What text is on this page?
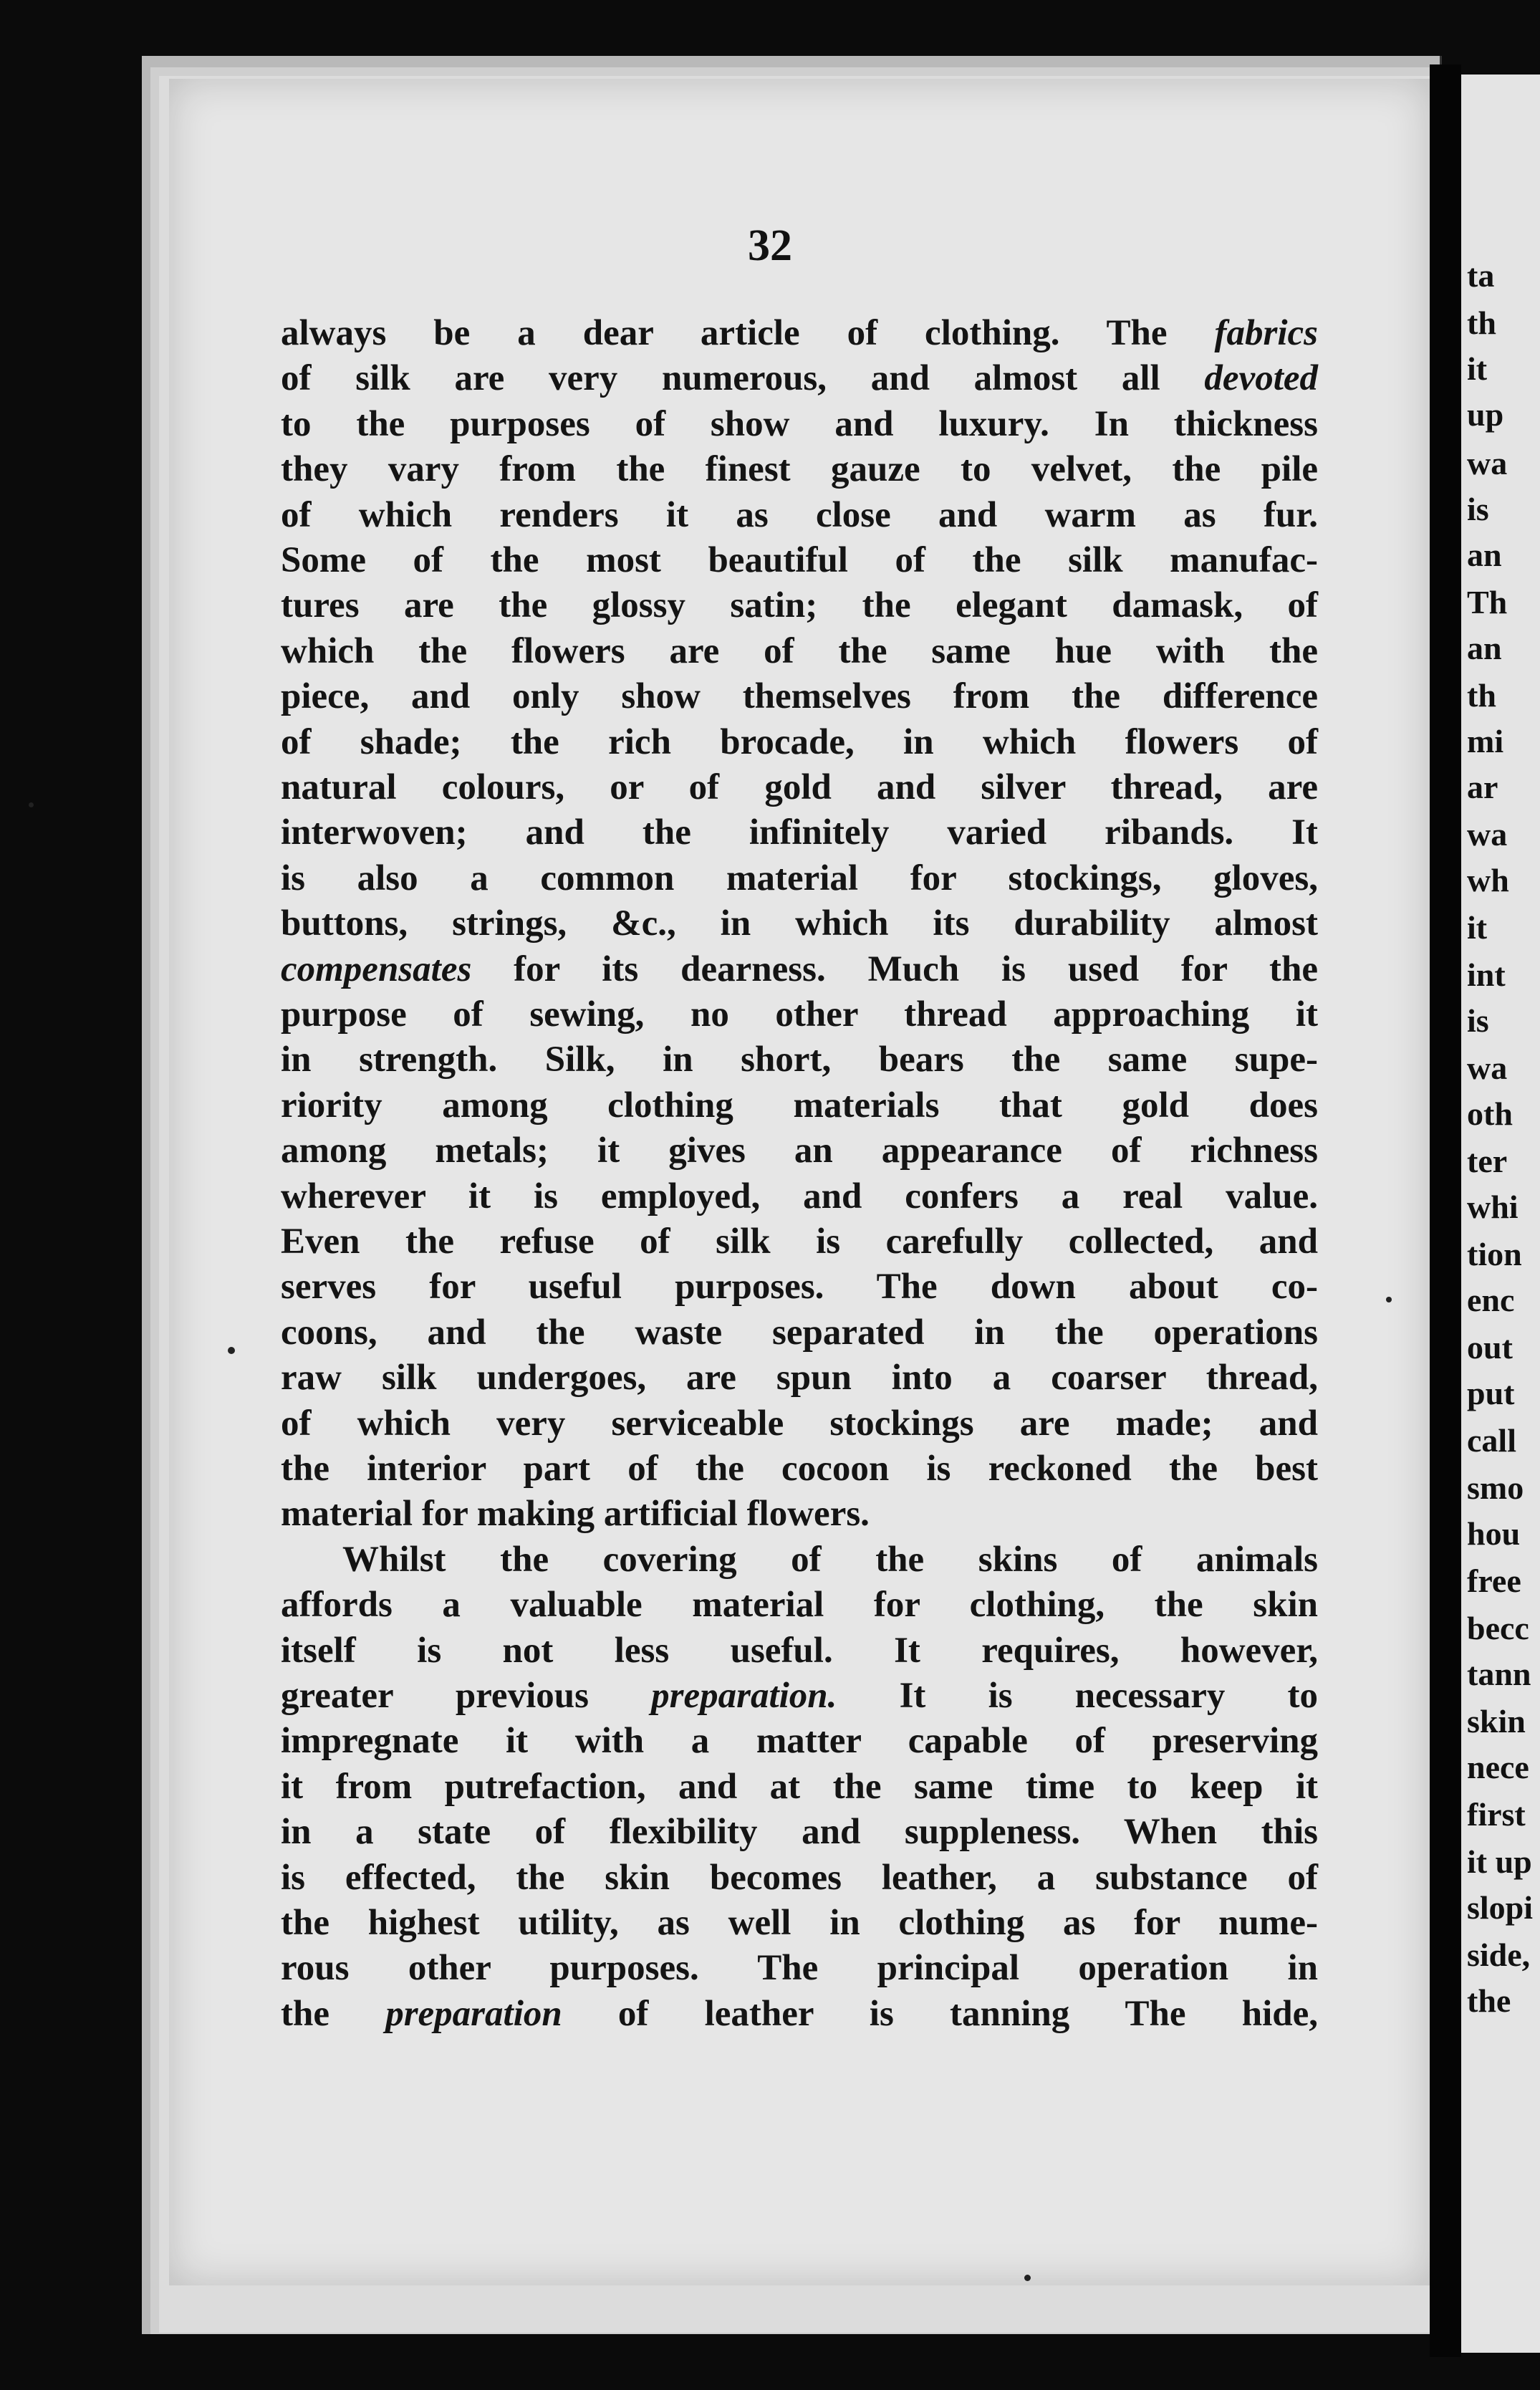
ta

th

it

up

wa

is

an

Th

an

th

mi

ar

wa

wh

it

int

is

wa

oth

ter

whi

tion

enc

out

put

call

smo

hou

free

becc

tann

skin

nece

first

it up

slopi

side,

the

32

always be a dear article of clothing. The fabrics

of silk are very numerous, and almost all devoted

to the purposes of show and luxury. In thickness

they vary from the finest gauze to velvet, the pile

of which renders it as close and warm as fur.

Some of the most beautiful of the silk manufac-

tures are the glossy satin; the elegant damask, of

which the flowers are of the same hue with the

piece, and only show themselves from the difference

of shade; the rich brocade, in which flowers of

natural colours, or of gold and silver thread, are

interwoven; and the infinitely varied ribands. It

is also a common material for stockings, gloves,

buttons, strings, &c., in which its durability almost

compensates for its dearness. Much is used for the

purpose of sewing, no other thread approaching it

in strength. Silk, in short, bears the same supe-

riority among clothing materials that gold does

among metals; it gives an appearance of richness

wherever it is employed, and confers a real value.

Even the refuse of silk is carefully collected, and

serves for useful purposes. The down about co-

coons, and the waste separated in the operations

raw silk undergoes, are spun into a coarser thread,

of which very serviceable stockings are made; and

the interior part of the cocoon is reckoned the best

material for making artificial flowers.

Whilst the covering of the skins of animals

affords a valuable material for clothing, the skin

itself is not less useful. It requires, however,

greater previous preparation. It is necessary to

impregnate it with a matter capable of preserving

it from putrefaction, and at the same time to keep it

in a state of flexibility and suppleness. When this

is effected, the skin becomes leather, a substance of

the highest utility, as well in clothing as for nume-

rous other purposes. The principal operation in

the preparation of leather is tanning The hide,
